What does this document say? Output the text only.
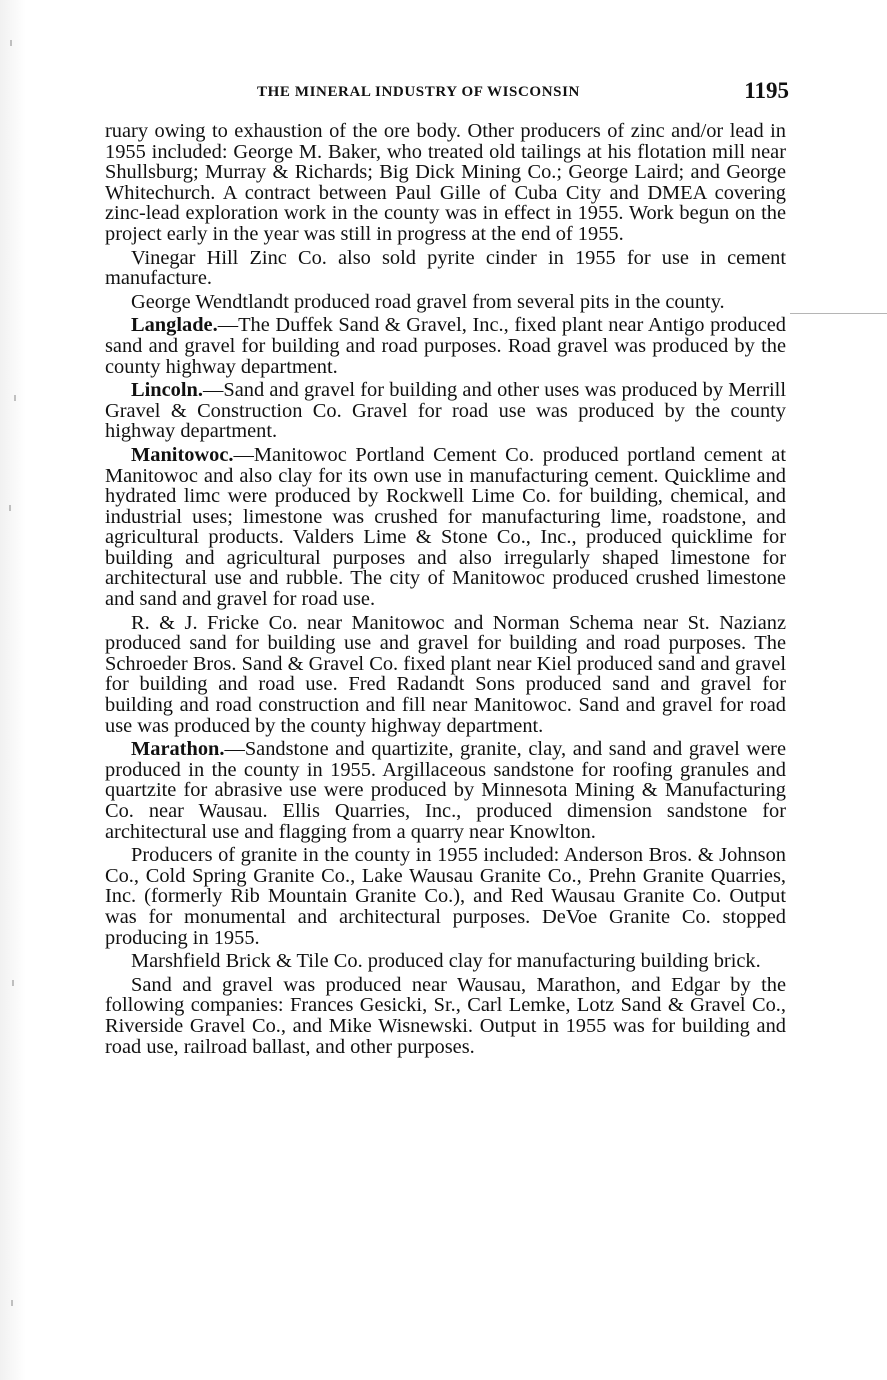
THE MINERAL INDUSTRY OF WISCONSIN	1195

ruary owing to exhaustion of the ore body. Other producers of zinc and/or lead in 1955 included: George M. Baker, who treated old tailings at his flotation mill near Shullsburg; Murray & Richards; Big Dick Mining Co.; George Laird; and George Whitechurch. A contract between Paul Gille of Cuba City and DMEA covering zinc-lead exploration work in the county was in effect in 1955. Work begun on the project early in the year was still in progress at the end of 1955.

Vinegar Hill Zinc Co. also sold pyrite cinder in 1955 for use in cement manufacture.

George Wendtlandt produced road gravel from several pits in the county.

Langlade.—The Duffek Sand & Gravel, Inc., fixed plant near Antigo produced sand and gravel for building and road purposes. Road gravel was produced by the county highway department.

Lincoln.—Sand and gravel for building and other uses was produced by Merrill Gravel & Construction Co. Gravel for road use was produced by the county highway department.

Manitowoc.—Manitowoc Portland Cement Co. produced portland cement at Manitowoc and also clay for its own use in manufacturing cement. Quicklime and hydrated limc were produced by Rockwell Lime Co. for building, chemical, and industrial uses; limestone was crushed for manufacturing lime, roadstone, and agricultural products. Valders Lime & Stone Co., Inc., produced quicklime for building and agricultural purposes and also irregularly shaped limestone for architectural use and rubble. The city of Manitowoc produced crushed limestone and sand and gravel for road use.

R. & J. Fricke Co. near Manitowoc and Norman Schema near St. Nazianz produced sand for building use and gravel for building and road purposes. The Schroeder Bros. Sand & Gravel Co. fixed plant near Kiel produced sand and gravel for building and road use. Fred Radandt Sons produced sand and gravel for building and road construction and fill near Manitowoc. Sand and gravel for road use was produced by the county highway department.

Marathon.—Sandstone and quartizite, granite, clay, and sand and gravel were produced in the county in 1955. Argillaceous sandstone for roofing granules and quartzite for abrasive use were produced by Minnesota Mining & Manufacturing Co. near Wausau. Ellis Quarries, Inc., produced dimension sandstone for architectural use and flagging from a quarry near Knowlton.

Producers of granite in the county in 1955 included: Anderson Bros. & Johnson Co., Cold Spring Granite Co., Lake Wausau Granite Co., Prehn Granite Quarries, Inc. (formerly Rib Mountain Granite Co.), and Red Wausau Granite Co. Output was for monumental and architectural purposes. DeVoe Granite Co. stopped producing in 1955.

Marshfield Brick & Tile Co. produced clay for manufacturing building brick.

Sand and gravel was produced near Wausau, Marathon, and Edgar by the following companies: Frances Gesicki, Sr., Carl Lemke, Lotz Sand & Gravel Co., Riverside Gravel Co., and Mike Wisnewski. Output in 1955 was for building and road use, railroad ballast, and other purposes.
